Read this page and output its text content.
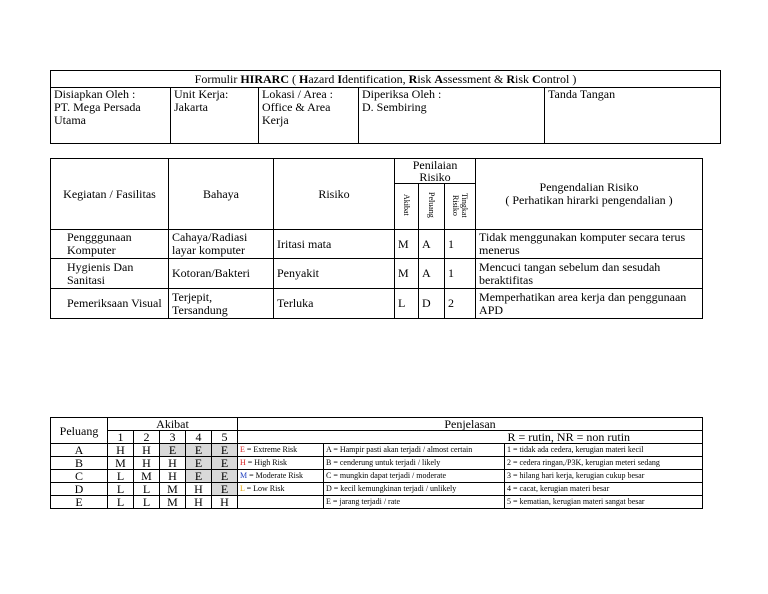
Formulir HIRARC ( Hazard Identification, Risk Assessment & Risk Control )

Disiapkan Oleh :
PT. Mega Persada Utama

Unit Kerja:
Jakarta

Lokasi / Area :
Office & Area Kerja

Diperiksa Oleh :
D. Sembiring

Tanda Tangan
Kegiatan / Fasilitas	Bahaya	Risiko	Penilaian Risiko			Pengendalian Risiko
( Perhatikan hirarki pengendalian )

			Akibat	Peluang	Tingkat
Risiko	
Pengggunaan Komputer	Cahaya/Radiasi layar komputer	Iritasi mata	M	A	1	Tidak menggunakan komputer secara terus menerus
Hygienis Dan Sanitasi	Kotoran/Bakteri	Penyakit	M	A	1	Mencuci tangan sebelum dan sesudah beraktifitas
Pemeriksaan Visual	Terjepit, Tersandung	Terluka	L	D	2	Memperhatikan area kerja dan penggunaan APD
Peluang	Akibat					Penjelasan		
	1	2	3	4	5			R = rutin, NR = non rutin
A	H	H	E	E	E	E = Extreme Risk	A = Hampir pasti akan terjadi / almost certain	1 = tidak ada cedera, kerugian materi kecil
B	M	H	H	E	E	H = High Risk	B = cenderung untuk terjadi / likely	2 = cedera ringan,/P3K, kerugian meteri sedang
C	L	M	H	E	E	M = Moderate Risk	C = mungkin dapat terjadi / moderate	3 = hilang hari kerja, kerugian cukup besar
D	L	L	M	H	E	L = Low Risk	D = kecil kemungkinan terjadi / unlikely	4 = cacat, kerugian materi besar
E	L	L	M	H	H		E = jarang terjadi / rate	5 = kematian, kerugian materi sangat besar
